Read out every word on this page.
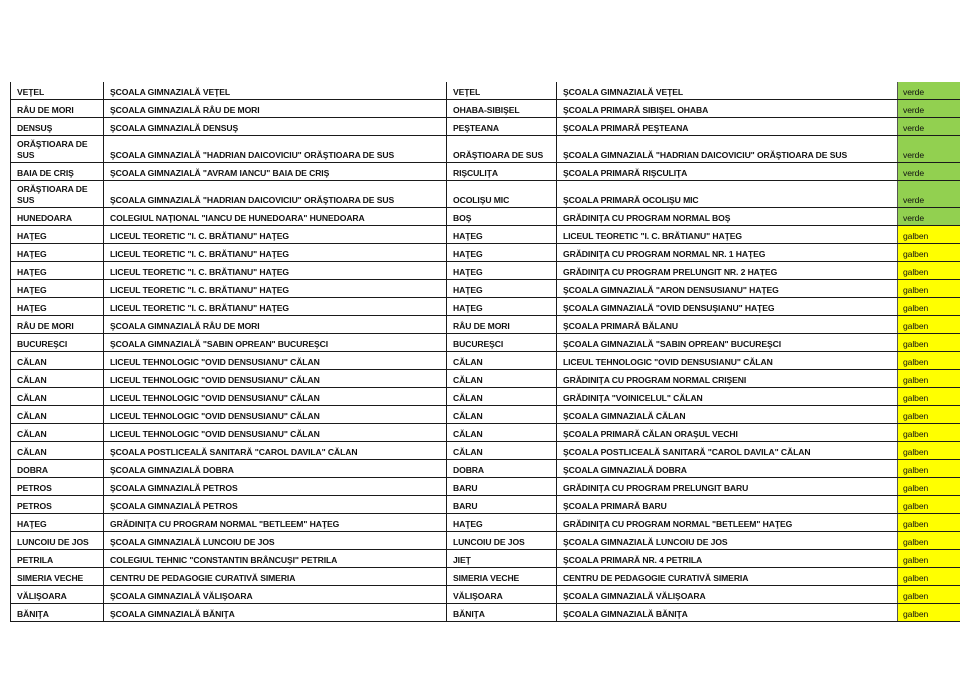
VEŢEL	ŞCOALA GIMNAZIALĂ VEŢEL	VEŢEL	ŞCOALA GIMNAZIALĂ VEŢEL	verde
RÂU DE MORI	ŞCOALA GIMNAZIALĂ RÂU DE MORI	OHABA-SIBIŞEL	ŞCOALA PRIMARĂ SIBIŞEL OHABA	verde
DENSUŞ	ŞCOALA GIMNAZIALĂ DENSUŞ	PEŞTEANA	ŞCOALA PRIMARĂ PEŞTEANA	verde
ORĂŞTIOARA DE SUS	ŞCOALA GIMNAZIALĂ "HADRIAN DAICOVICIU" ORĂŞTIOARA DE SUS	ORĂŞTIOARA DE SUS	ŞCOALA GIMNAZIALĂ "HADRIAN DAICOVICIU" ORĂŞTIOARA DE SUS	verde
BAIA DE CRIŞ	ŞCOALA GIMNAZIALĂ "AVRAM IANCU" BAIA DE CRIŞ	RIŞCULIŢA	ŞCOALA PRIMARĂ RIŞCULIŢA	verde
ORĂŞTIOARA DE SUS	ŞCOALA GIMNAZIALĂ "HADRIAN DAICOVICIU" ORĂŞTIOARA DE SUS	OCOLIŞU MIC	ŞCOALA PRIMARĂ OCOLIŞU MIC	verde
HUNEDOARA	COLEGIUL NAŢIONAL "IANCU DE HUNEDOARA" HUNEDOARA	BOŞ	GRĂDINIŢA CU PROGRAM NORMAL BOŞ	verde
HAŢEG	LICEUL TEORETIC "I. C. BRĂTIANU" HAŢEG	HAŢEG	LICEUL TEORETIC "I. C. BRĂTIANU" HAŢEG	galben
HAŢEG	LICEUL TEORETIC "I. C. BRĂTIANU" HAŢEG	HAŢEG	GRĂDINIŢA CU PROGRAM NORMAL NR. 1 HAŢEG	galben
HAŢEG	LICEUL TEORETIC "I. C. BRĂTIANU" HAŢEG	HAŢEG	GRĂDINIŢA CU PROGRAM PRELUNGIT NR. 2 HAŢEG	galben
HAŢEG	LICEUL TEORETIC "I. C. BRĂTIANU" HAŢEG	HAŢEG	ŞCOALA GIMNAZIALĂ "ARON DENSUSIANU" HAŢEG	galben
HAŢEG	LICEUL TEORETIC "I. C. BRĂTIANU" HAŢEG	HAŢEG	ŞCOALA GIMNAZIALĂ "OVID DENSUŞIANU" HAŢEG	galben
RÂU DE MORI	ŞCOALA GIMNAZIALĂ RÂU DE MORI	RÂU DE MORI	ŞCOALA PRIMARĂ BĂLANU	galben
BUCUREŞCI	ŞCOALA GIMNAZIALĂ "SABIN OPREAN" BUCUREŞCI	BUCUREŞCI	ŞCOALA GIMNAZIALĂ "SABIN OPREAN" BUCUREŞCI	galben
CĂLAN	LICEUL TEHNOLOGIC "OVID DENSUSIANU" CĂLAN	CĂLAN	LICEUL TEHNOLOGIC "OVID DENSUSIANU" CĂLAN	galben
CĂLAN	LICEUL TEHNOLOGIC "OVID DENSUSIANU" CĂLAN	CĂLAN	GRĂDINIŢA CU PROGRAM NORMAL CRIŞENI	galben
CĂLAN	LICEUL TEHNOLOGIC "OVID DENSUSIANU" CĂLAN	CĂLAN	GRĂDINIŢA "VOINICELUL" CĂLAN	galben
CĂLAN	LICEUL TEHNOLOGIC "OVID DENSUSIANU" CĂLAN	CĂLAN	ŞCOALA GIMNAZIALĂ CĂLAN	galben
CĂLAN	LICEUL TEHNOLOGIC "OVID DENSUSIANU" CĂLAN	CĂLAN	ŞCOALA PRIMARĂ CĂLAN ORAŞUL VECHI	galben
CĂLAN	ŞCOALA POSTLICEALĂ SANITARĂ "CAROL DAVILA" CĂLAN	CĂLAN	ŞCOALA POSTLICEALĂ SANITARĂ "CAROL DAVILA" CĂLAN	galben
DOBRA	ŞCOALA GIMNAZIALĂ DOBRA	DOBRA	ŞCOALA GIMNAZIALĂ DOBRA	galben
PETROS	ŞCOALA GIMNAZIALĂ PETROS	BARU	GRĂDINIŢA CU PROGRAM PRELUNGIT BARU	galben
PETROS	ŞCOALA GIMNAZIALĂ PETROS	BARU	ŞCOALA PRIMARĂ BARU	galben
HAŢEG	GRĂDINIŢA CU PROGRAM NORMAL "BETLEEM" HAŢEG	HAŢEG	GRĂDINIŢA CU PROGRAM NORMAL "BETLEEM" HAŢEG	galben
LUNCOIU DE JOS	ŞCOALA GIMNAZIALĂ LUNCOIU DE JOS	LUNCOIU DE JOS	ŞCOALA GIMNAZIALĂ LUNCOIU DE JOS	galben
PETRILA	COLEGIUL TEHNIC "CONSTANTIN BRÂNCUŞI" PETRILA	JIEŢ	ŞCOALA PRIMARĂ NR. 4 PETRILA	galben
SIMERIA VECHE	CENTRU DE PEDAGOGIE CURATIVĂ SIMERIA	SIMERIA VECHE	CENTRU DE PEDAGOGIE CURATIVĂ SIMERIA	galben
VĂLIŞOARA	ŞCOALA GIMNAZIALĂ VĂLIŞOARA	VĂLIŞOARA	ŞCOALA GIMNAZIALĂ VĂLIŞOARA	galben
BĂNIŢA	ŞCOALA GIMNAZIALĂ BĂNIŢA	BĂNIŢA	ŞCOALA GIMNAZIALĂ BĂNIŢA	galben
